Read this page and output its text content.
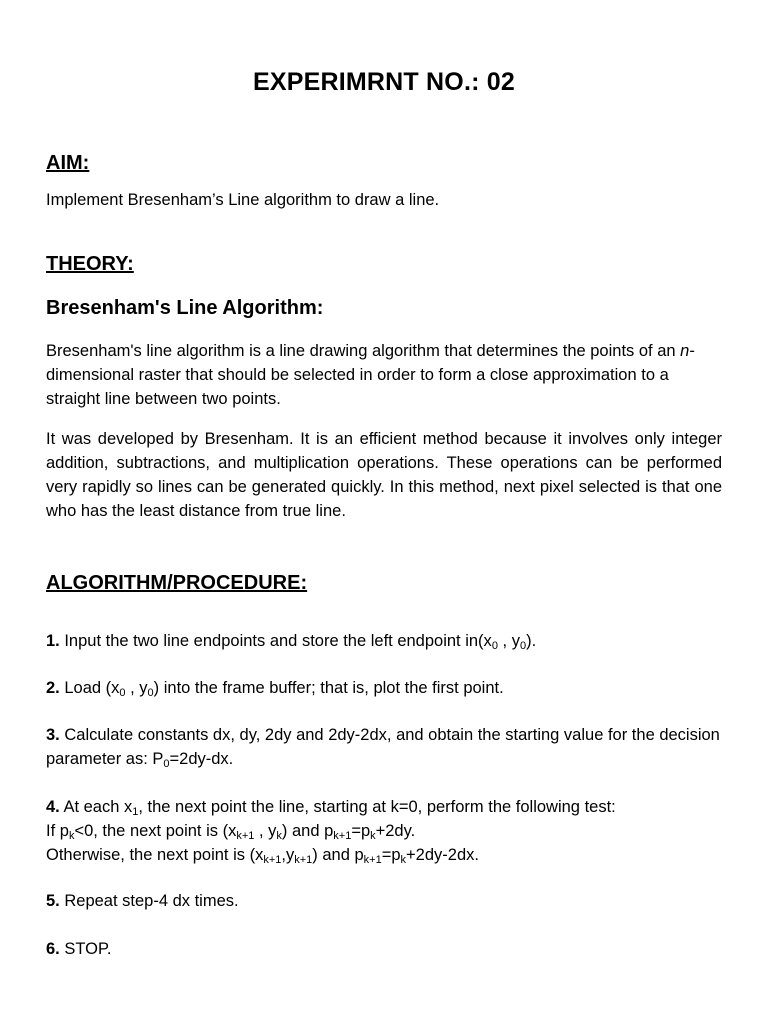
EXPERIMRNT NO.: 02
AIM:

Implement Bresenham’s Line algorithm to draw a line.

THEORY:
Bresenham's Line Algorithm:

Bresenham's line algorithm is a line drawing algorithm that determines the points of an n-dimensional raster that should be selected in order to form a close approximation to a straight line between two points.

It was developed by Bresenham. It is an efficient method because it involves only integer addition, subtractions, and multiplication operations. These operations can be performed very rapidly so lines can be generated quickly. In this method, next pixel selected is that one who has the least distance from true line.

ALGORITHM/PROCEDURE:

1. Input the two line endpoints and store the left endpoint $in(x_0$ , $y_0$).

2. Load ($x_0$ , $y_0$) into the frame buffer; that is, plot the first point.

3. Calculate constants dx, dy, 2dy and 2dy-2dx, and obtain the starting value for the decision parameter as: $P_0=2dy-dx$.

4. At each $x_1$, the next point the line, starting at k=0, perform the following test:
If $p_k<0$, the next point is ($x_{k+1}$ , $y_k$) and $p_{k+1}=p_k+2dy$.
Otherwise, the next point is $(x_{k+1},y_{k+1})$ and $p_{k+1}=p_k+2dy-2dx$.

5. Repeat step-4 dx times.

6. STOP.
